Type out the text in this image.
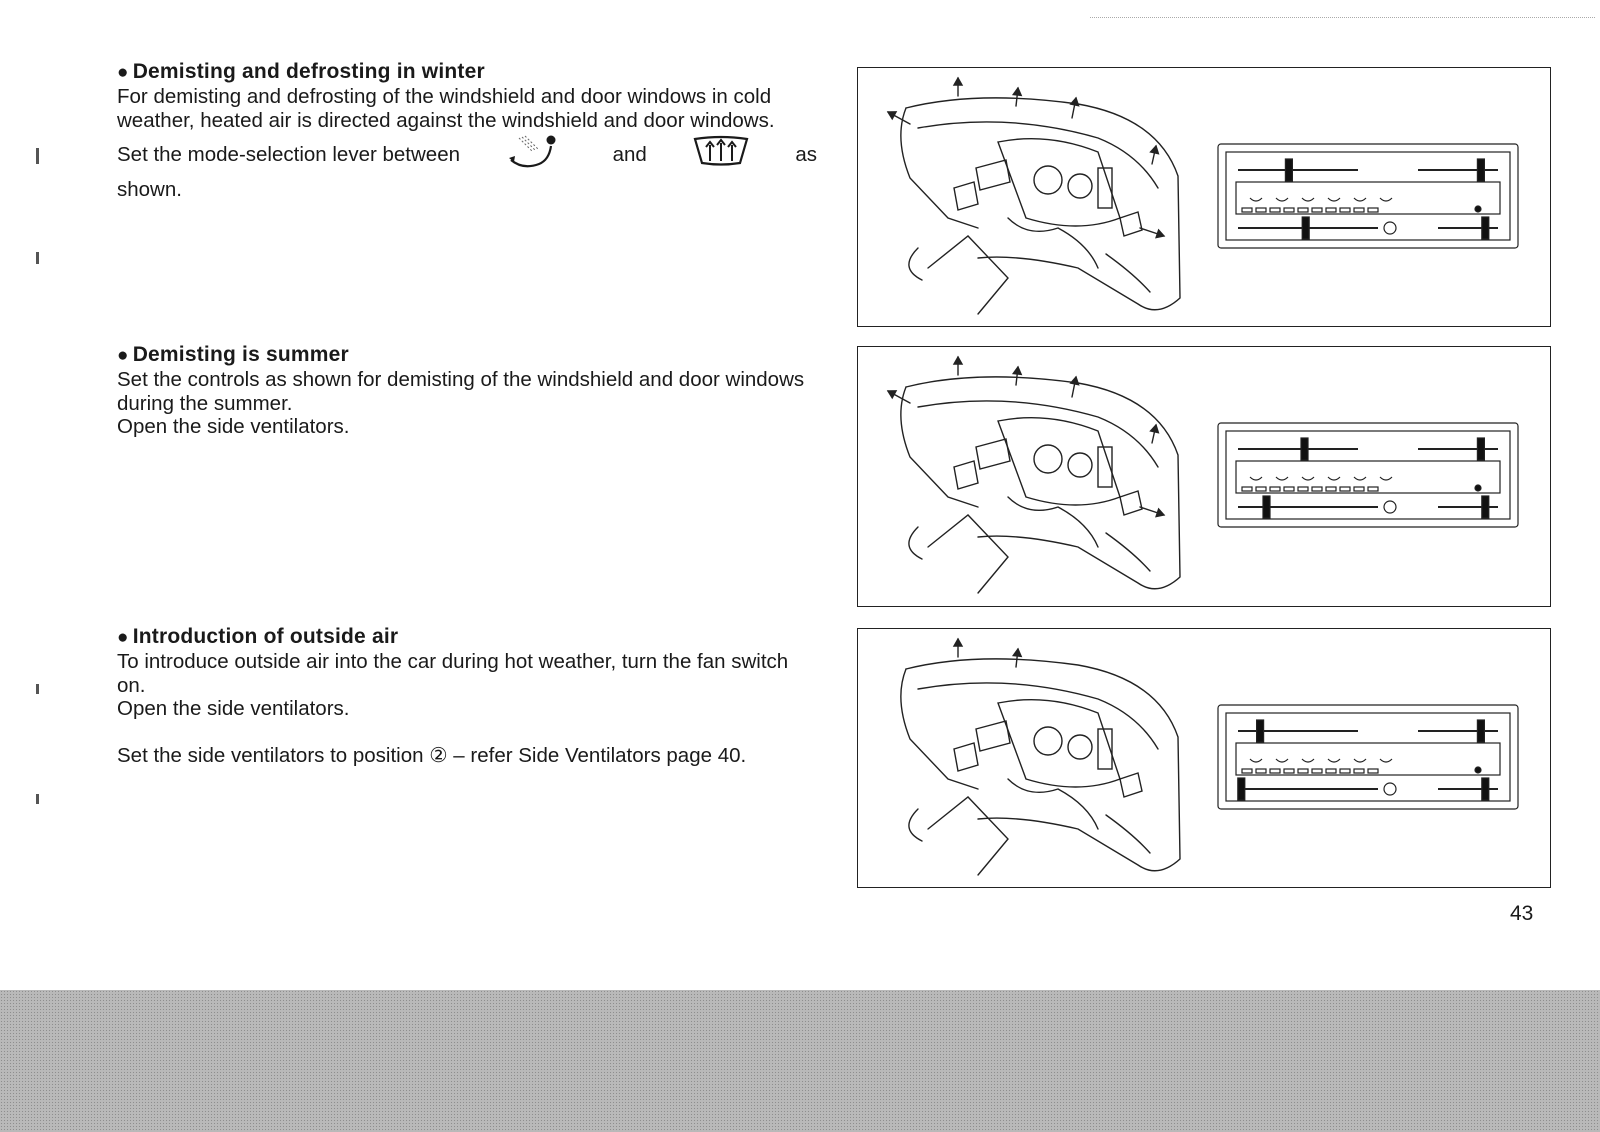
● Demisting and defrosting in winter

For demisting and defrosting of the windshield and door windows in cold weather, heated air is directed against the windshield and door windows.

Set the mode-selection lever between	and	as

shown.

● Demisting is summer

Set the controls as shown for demisting of the windshield and door windows during the summer.

Open the side ventilators.

● Introduction of outside air

To introduce outside air into the car during hot weather, turn the fan switch on.

Open the side ventilators.

Set the side ventilators to position ② – refer Side Ventilators page 40.

43
